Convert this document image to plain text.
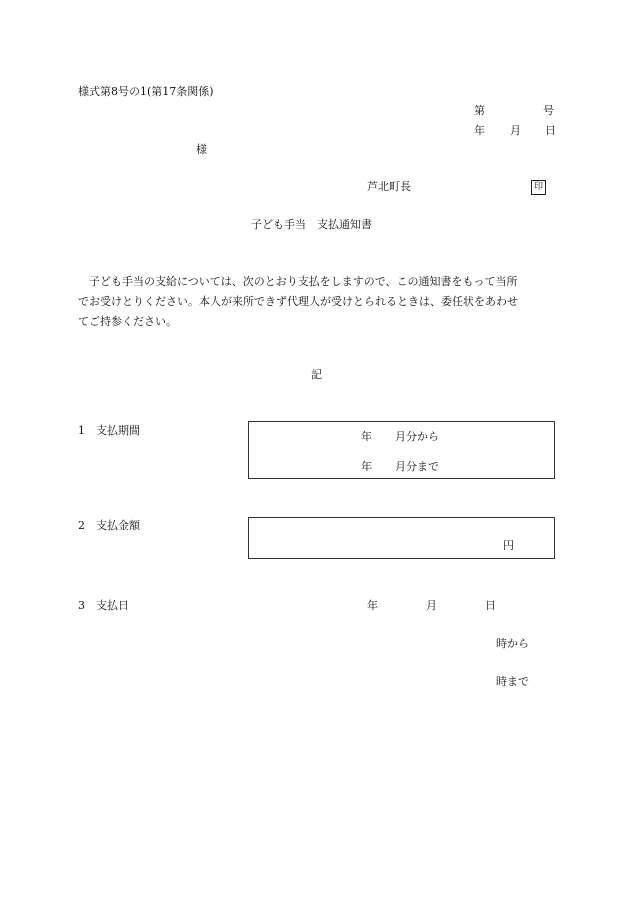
様式第8号の1(第17条関係)
第	号
年 月 日
様
芦北町長	印
子ども手当　支払通知書
　子ども手当の支給については、次のとおり支払をしますので、この通知書をもって当所
でお受けとりください。本人が来所できず代理人が受けとられるときは、委任状をあわせ
てご持参ください。
記
1　支払期間	年 月分から
年 月分まで
2　支払金額
円
3　支払日	年	月	日
時から
時まで
